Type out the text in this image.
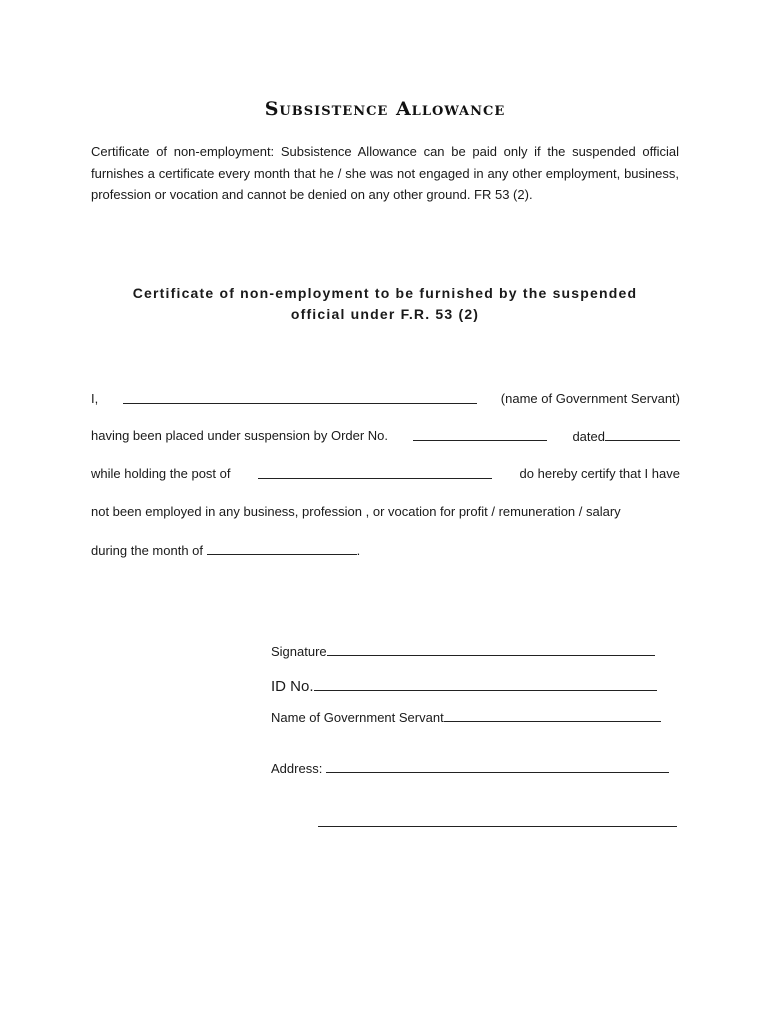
Subsistence Allowance
Certificate of non-employment: Subsistence Allowance can be paid only if the suspended official furnishes a certificate every month that he / she was not engaged in any other employment, business, profession or vocation and cannot be denied on any other ground. FR 53 (2).
Certificate of non-employment to be furnished by the suspended
official under F.R. 53 (2)
I,	(name of Government Servant)
having been placed under suspension by Order No.	dated
while holding the post of	do hereby certify that I have
not been employed in any business, profession , or vocation for profit / remuneration / salary
during the month of	.
Signature
ID No.
Name of Government Servant
Address:
